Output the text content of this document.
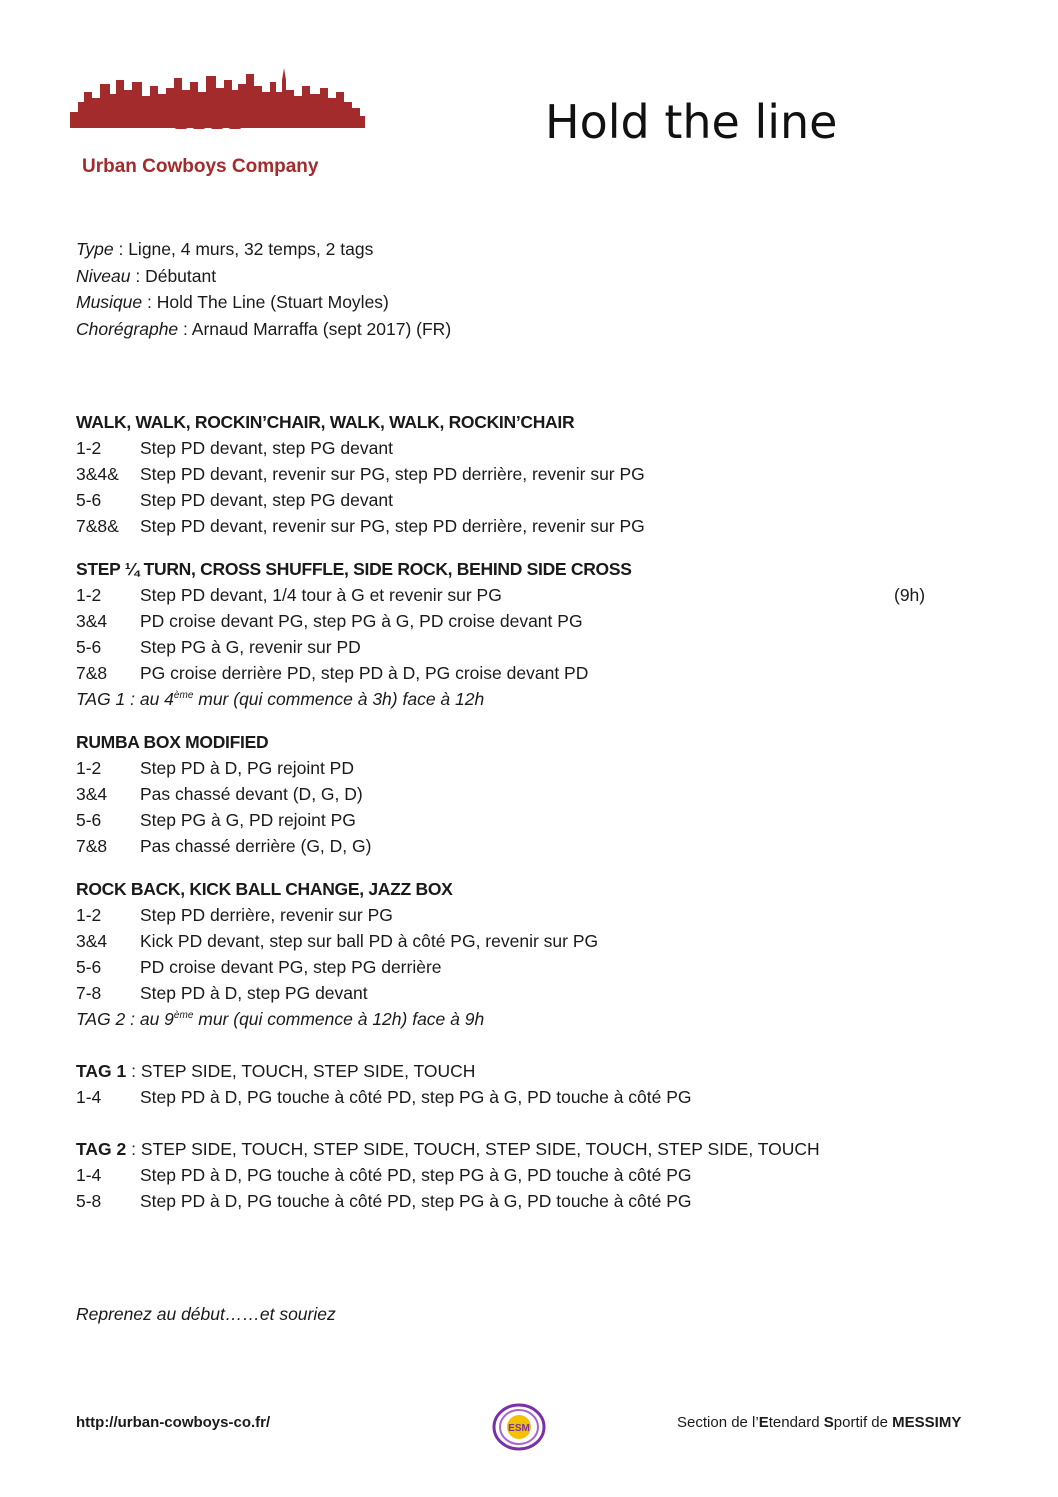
Urban Cowboys Company
Hold the line
Type : Ligne, 4 murs, 32 temps, 2 tags
Niveau : Débutant
Musique : Hold The Line (Stuart Moyles)
Chorégraphe : Arnaud Marraffa (sept 2017) (FR)
WALK, WALK, ROCKIN’CHAIR, WALK, WALK, ROCKIN’CHAIR
1-2	Step PD devant, step PG devant
3&4&	Step PD devant, revenir sur PG, step PD derrière, revenir sur PG
5-6	Step PD devant, step PG devant
7&8&	Step PD devant, revenir sur PG, step PD derrière, revenir sur PG
STEP ¼ TURN, CROSS SHUFFLE, SIDE ROCK, BEHIND SIDE CROSS
1-2	Step PD devant, 1/4 tour à G et revenir sur PG	(9h)
3&4	PD croise devant PG, step PG à G, PD croise devant PG
5-6	Step PG à G, revenir sur PD
7&8	PG croise derrière PD, step PD à D, PG croise devant PD
TAG 1 : au 4ème mur (qui commence à 3h) face à 12h
RUMBA BOX MODIFIED
1-2	Step PD à D, PG rejoint PD
3&4	Pas chassé devant (D, G, D)
5-6	Step PG à G, PD rejoint PG
7&8	Pas chassé derrière (G, D, G)
ROCK BACK, KICK BALL CHANGE, JAZZ BOX
1-2	Step PD derrière, revenir sur PG
3&4	Kick PD devant, step sur ball PD à côté PG, revenir sur PG
5-6	PD croise devant PG, step PG derrière
7-8	Step PD à D, step PG devant
TAG 2 : au 9ème mur (qui commence à 12h) face à 9h
TAG 1 : STEP SIDE, TOUCH, STEP SIDE, TOUCH
1-4	Step PD à D, PG touche à côté PD, step PG à G, PD touche à côté PG
TAG 2 : STEP SIDE, TOUCH, STEP SIDE, TOUCH, STEP SIDE, TOUCH, STEP SIDE, TOUCH
1-4	Step PD à D, PG touche à côté PD, step PG à G, PD touche à côté PG
5-8	Step PD à D, PG touche à côté PD, step PG à G, PD touche à côté PG
Reprenez au début……et souriez
http://urban-cowboys-co.fr/	ESM	Section de l’Etendard Sportif de MESSIMY
